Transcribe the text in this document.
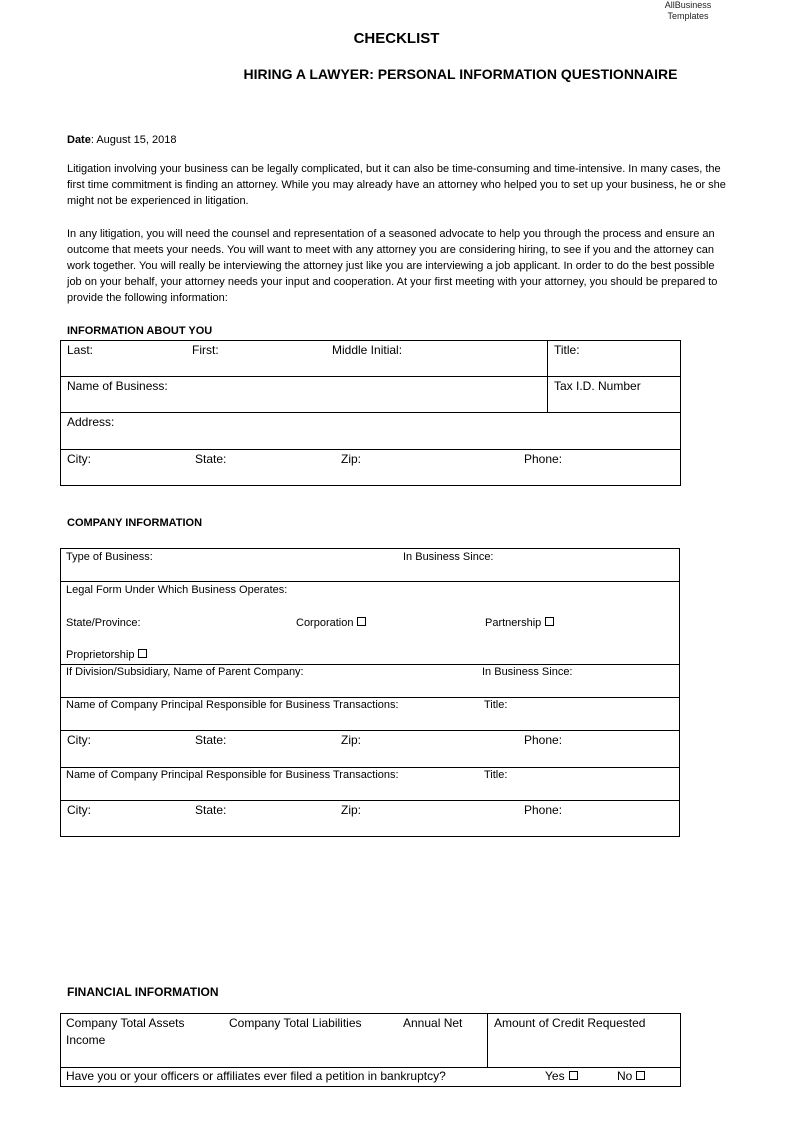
AllBusiness
Templates
CHECKLIST
HIRING A LAWYER: PERSONAL INFORMATION QUESTIONNAIRE
Date: August 15, 2018
Litigation involving your business can be legally complicated, but it can also be time-consuming and time-intensive. In many cases, the first time commitment is finding an attorney. While you may already have an attorney who helped you to set up your business, he or she might not be experienced in litigation.
In any litigation, you will need the counsel and representation of a seasoned advocate to help you through the process and ensure an outcome that meets your needs. You will want to meet with any attorney you are considering hiring, to see if you and the attorney can work together. You will really be interviewing the attorney just like you are interviewing a job applicant. In order to do the best possible job on your behalf, your attorney needs your input and cooperation. At your first meeting with your attorney, you should be prepared to provide the following information:
INFORMATION ABOUT YOU
Last: First: Middle Initial:	Title:

Name of Business:	Tax I.D. Number

Address:	

City: State: Zip: Phone:	
COMPANY INFORMATION
Type of Business:	In Business Since:

Legal Form Under Which Business Operates:
State/Province:	Corporation	Partnership
Proprietorship

If Division/Subsidiary, Name of Parent Company:	In Business Since:

Name of Company Principal Responsible for Business Transactions:	Title:

City:	State:	Zip:	Phone:

Name of Company Principal Responsible for Business Transactions:	Title:

City:	State:	Zip:	Phone:
FINANCIAL INFORMATION
Company Total Assets	Company Total Liabilities	Annual Net
Income

Amount of Credit Requested

Have you or your officers or affiliates ever filed a petition in bankruptcy?	Yes	No
